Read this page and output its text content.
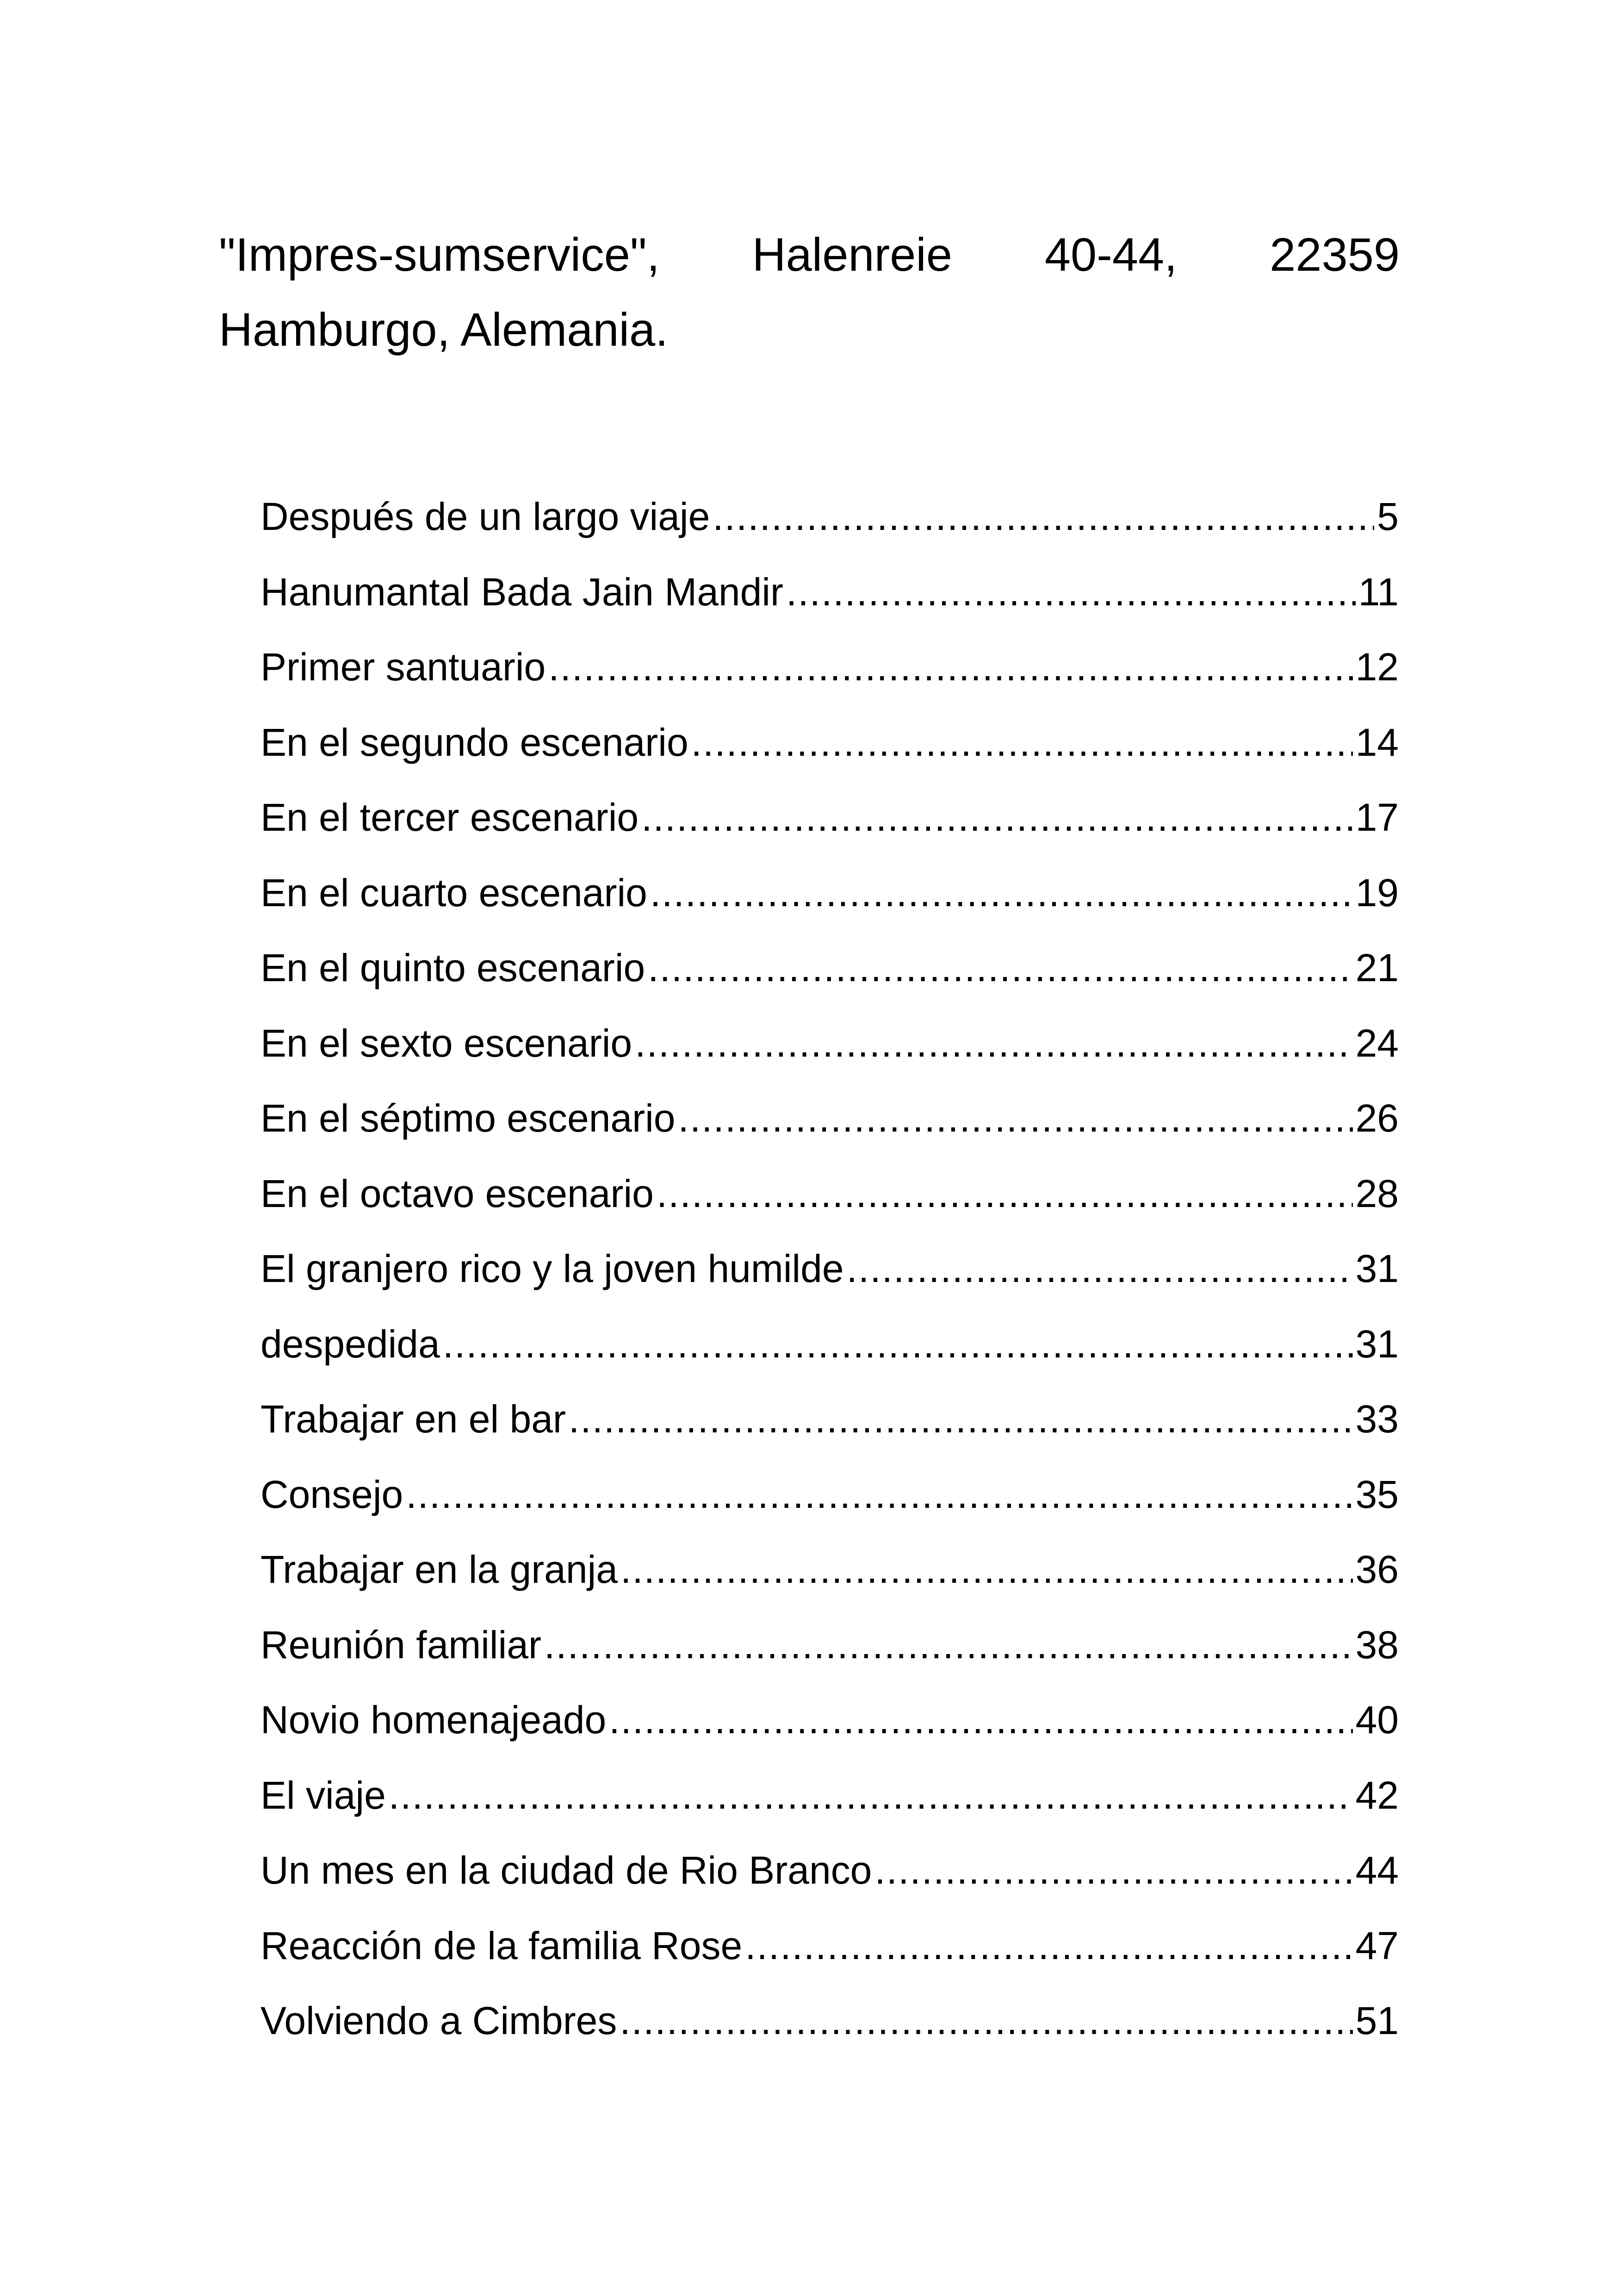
"Impres-sumservice", Halenreie 40-44, 22359 Hamburgo, Alemania.

Después de un largo viaje .....	5
Hanumantal Bada Jain Mandir .....	11
Primer santuario .....	12
En el segundo escenario .....	14
En el tercer escenario .....	17
En el cuarto escenario .....	19
En el quinto escenario .....	21
En el sexto escenario .....	24
En el séptimo escenario .....	26
En el octavo escenario .....	28
El granjero rico y la joven humilde .....	31
despedida .....	31
Trabajar en el bar .....	33
Consejo .....	35
Trabajar en la granja .....	36
Reunión familiar .....	38
Novio homenajeado .....	40
El viaje .....	42
Un mes en la ciudad de Rio Branco .....	44
Reacción de la familia Rose .....	47
Volviendo a Cimbres .....	51
